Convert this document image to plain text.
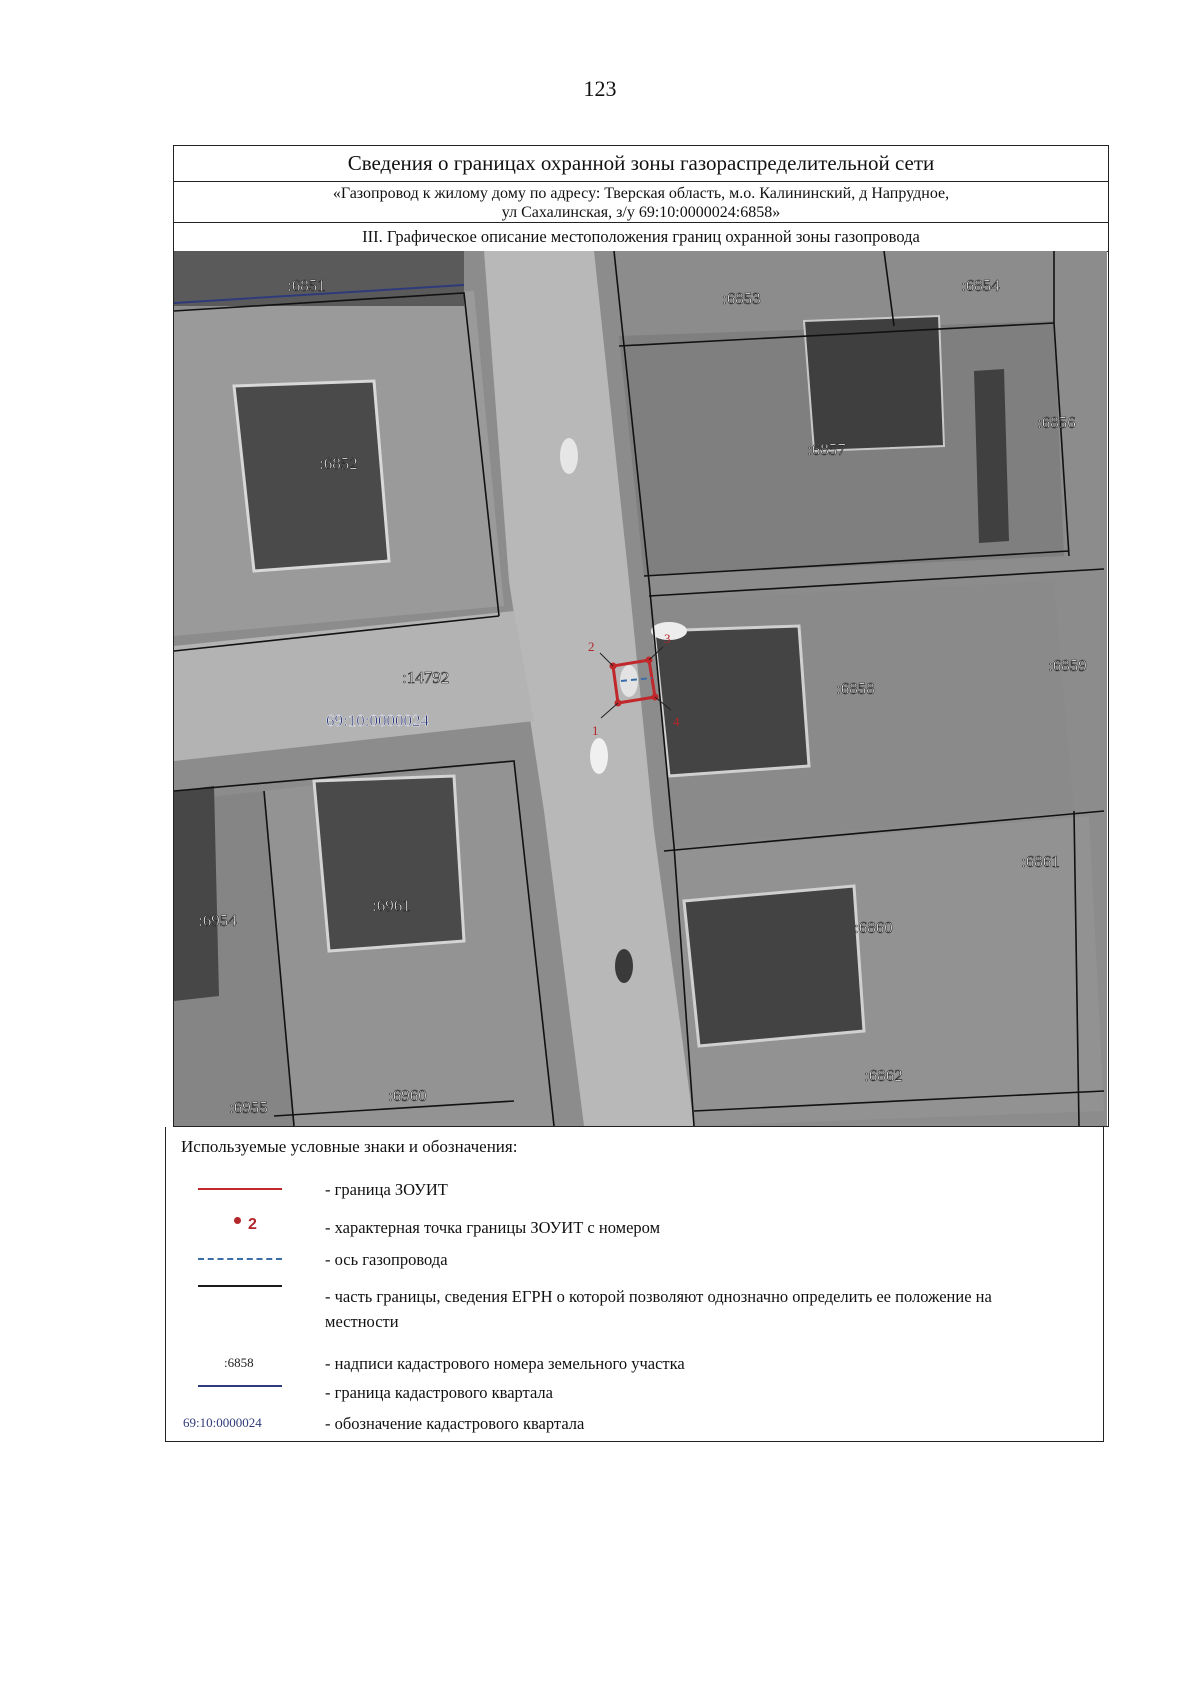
123
Сведения о границах охранной зоны газораспределительной сети
«Газопровод к жилому дому по адресу: Тверская область, м.о. Калининский, д Напрудное,
ул Сахалинская, з/у 69:10:0000024:6858»
III. Графическое описание местоположения границ охранной зоны газопровода
1
2
3
4
:6851
:6852
:6853
:6854
:6856
:6857
:6858
:6859
:6860
:6861
:6862
:6954
:6955
:6960
:6961
:14792
69:10:0000024
Используемые условные знаки и обозначения:
- граница ЗОУИТ
2	- характерная точка границы ЗОУИТ с номером
- ось газопровода
- часть границы, сведения ЕГРН о которой позволяют однозначно определить ее положение на местности
:6858	- надписи кадастрового номера земельного участка
- граница кадастрового квартала
69:10:0000024	- обозначение кадастрового квартала
